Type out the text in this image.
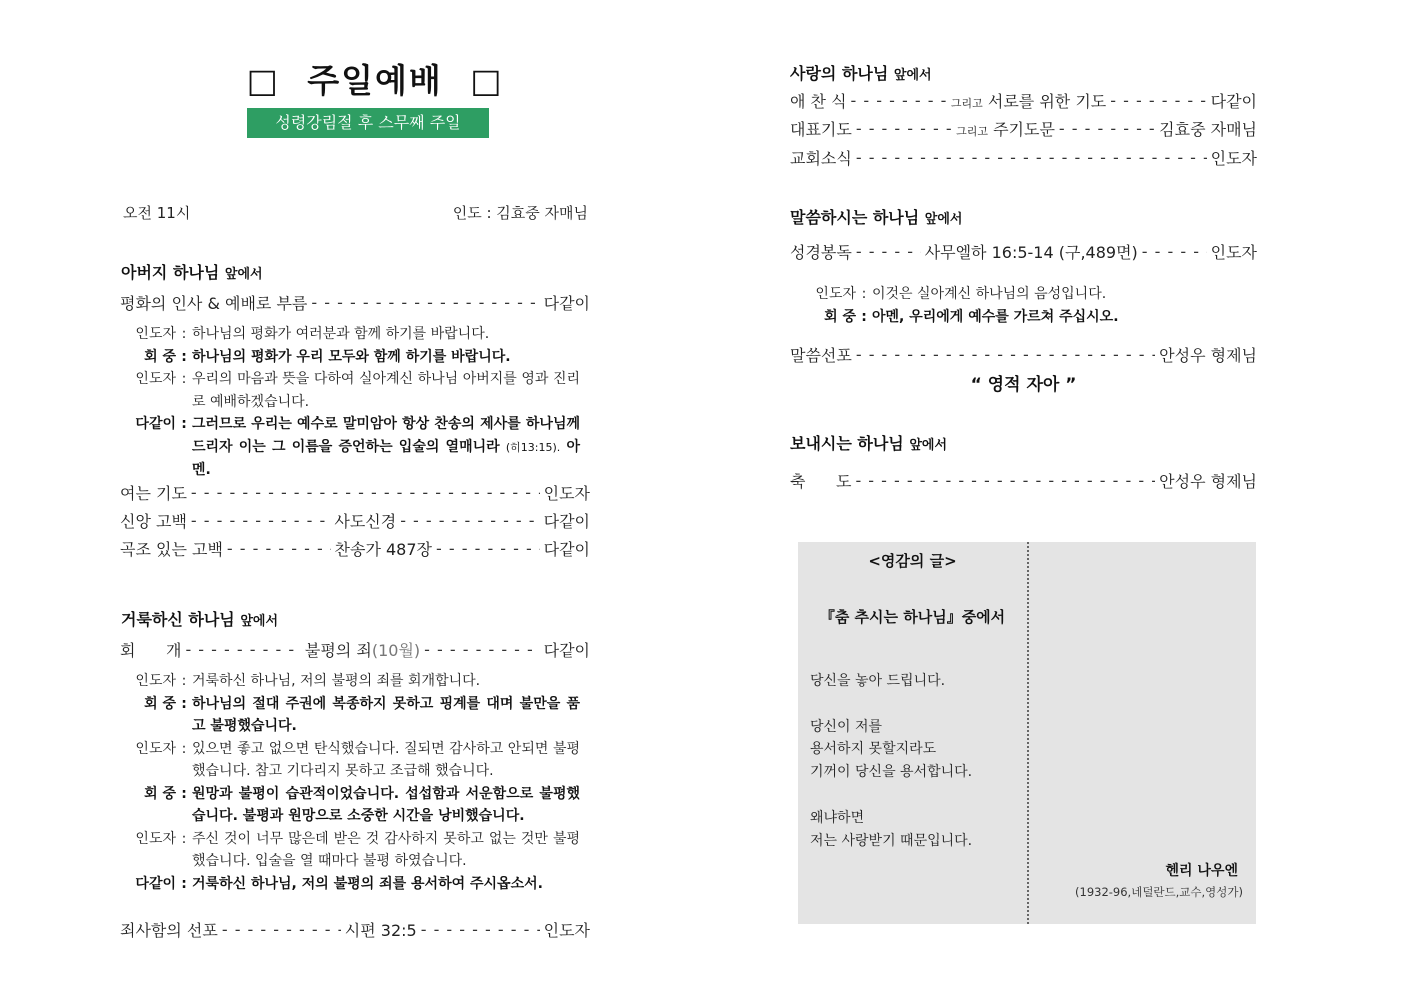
□ 주일예배 □
성령강림절 후 스무째 주일
오전 11시	인도 : 김효중 자매님
아버지 하나님 앞에서
평화의 인사 & 예배로 부름 - - -	다같이
인도자 : 하나님의 평화가 여러분과 함께 하기를 바랍니다.
회 중 : 하나님의 평화가 우리 모두와 함께 하기를 바랍니다.
인도자 : 우리의 마음과 뜻을 다하여 실아계신 하나님 아버지를 영과 진리로 예배하겠습니다.
다같이 : 그러므로 우리는 예수로 말미암아 항상 찬송의 제사를 하나님께 드리자 이는 그 이름을 증언하는 입술의 열매니라 (히13:15). 아멘.
여는 기도 - - -	인도자
신앙 고백 - - -	사도신경 - - -	다같이
곡조 있는 고백 - - -	찬송가 487장 - - -	다같이
거룩하신 하나님 앞에서
회      개 - - -	불평의 죄(10월) - - -	다같이
인도자 : 거룩하신 하나님, 저의 불평의 죄를 회개합니다.
회 중 : 하나님의 절대 주권에 복종하지 못하고 핑계를 대며 불만을 품고 불평했습니다.
인도자 : 있으면 좋고 없으면 탄식했습니다. 질되면 감사하고 안되면 불평했습니다. 참고 기다리지 못하고 조급해 했습니다.
회 중 : 원망과 불평이 습관적이었습니다. 섭섭함과 서운함으로 불평했습니다. 불평과 원망으로 소중한 시간을 낭비했습니다.
인도자 : 주신 것이 너무 많은데 받은 것 감사하지 못하고 없는 것만 불평했습니다. 입술을 열 때마다 불평 하였습니다.
다같이 : 거룩하신 하나님, 저의 불평의 죄를 용서하여 주시옵소서.
죄사함의 선포 - - -	시편 32:5 - - -	인도자
사랑의 하나님 앞에서
애 찬 식 - - -	그리고 서로를 위한 기도 - - -	다같이
대표기도 - - -	그리고 주기도문 - - -	김효중 자매님
교회소식 - - -	인도자
말씀하시는 하나님 앞에서
성경봉독 - - -	사무엘하 16:5-14 (구,489면) - - -	인도자
인도자 : 이것은 실아계신 하나님의 음성입니다.
회 중 : 아멘, 우리에게 예수를 가르쳐 주십시오.
말씀선포 - - -	안성우 형제님
“ 영적 자아 ”
보내시는 하나님 앞에서
축      도 - - -	안성우 형제님
<영감의 글>
『춤 추시는 하나님』중에서
당신을 놓아 드립니다.
당신이 저를
용서하지 못할지라도
기꺼이 당신을 용서합니다.
왜냐하면
저는 사랑받기 때문입니다.
헨리 나우엔
(1932-96,네덜란드,교수,영성가)
